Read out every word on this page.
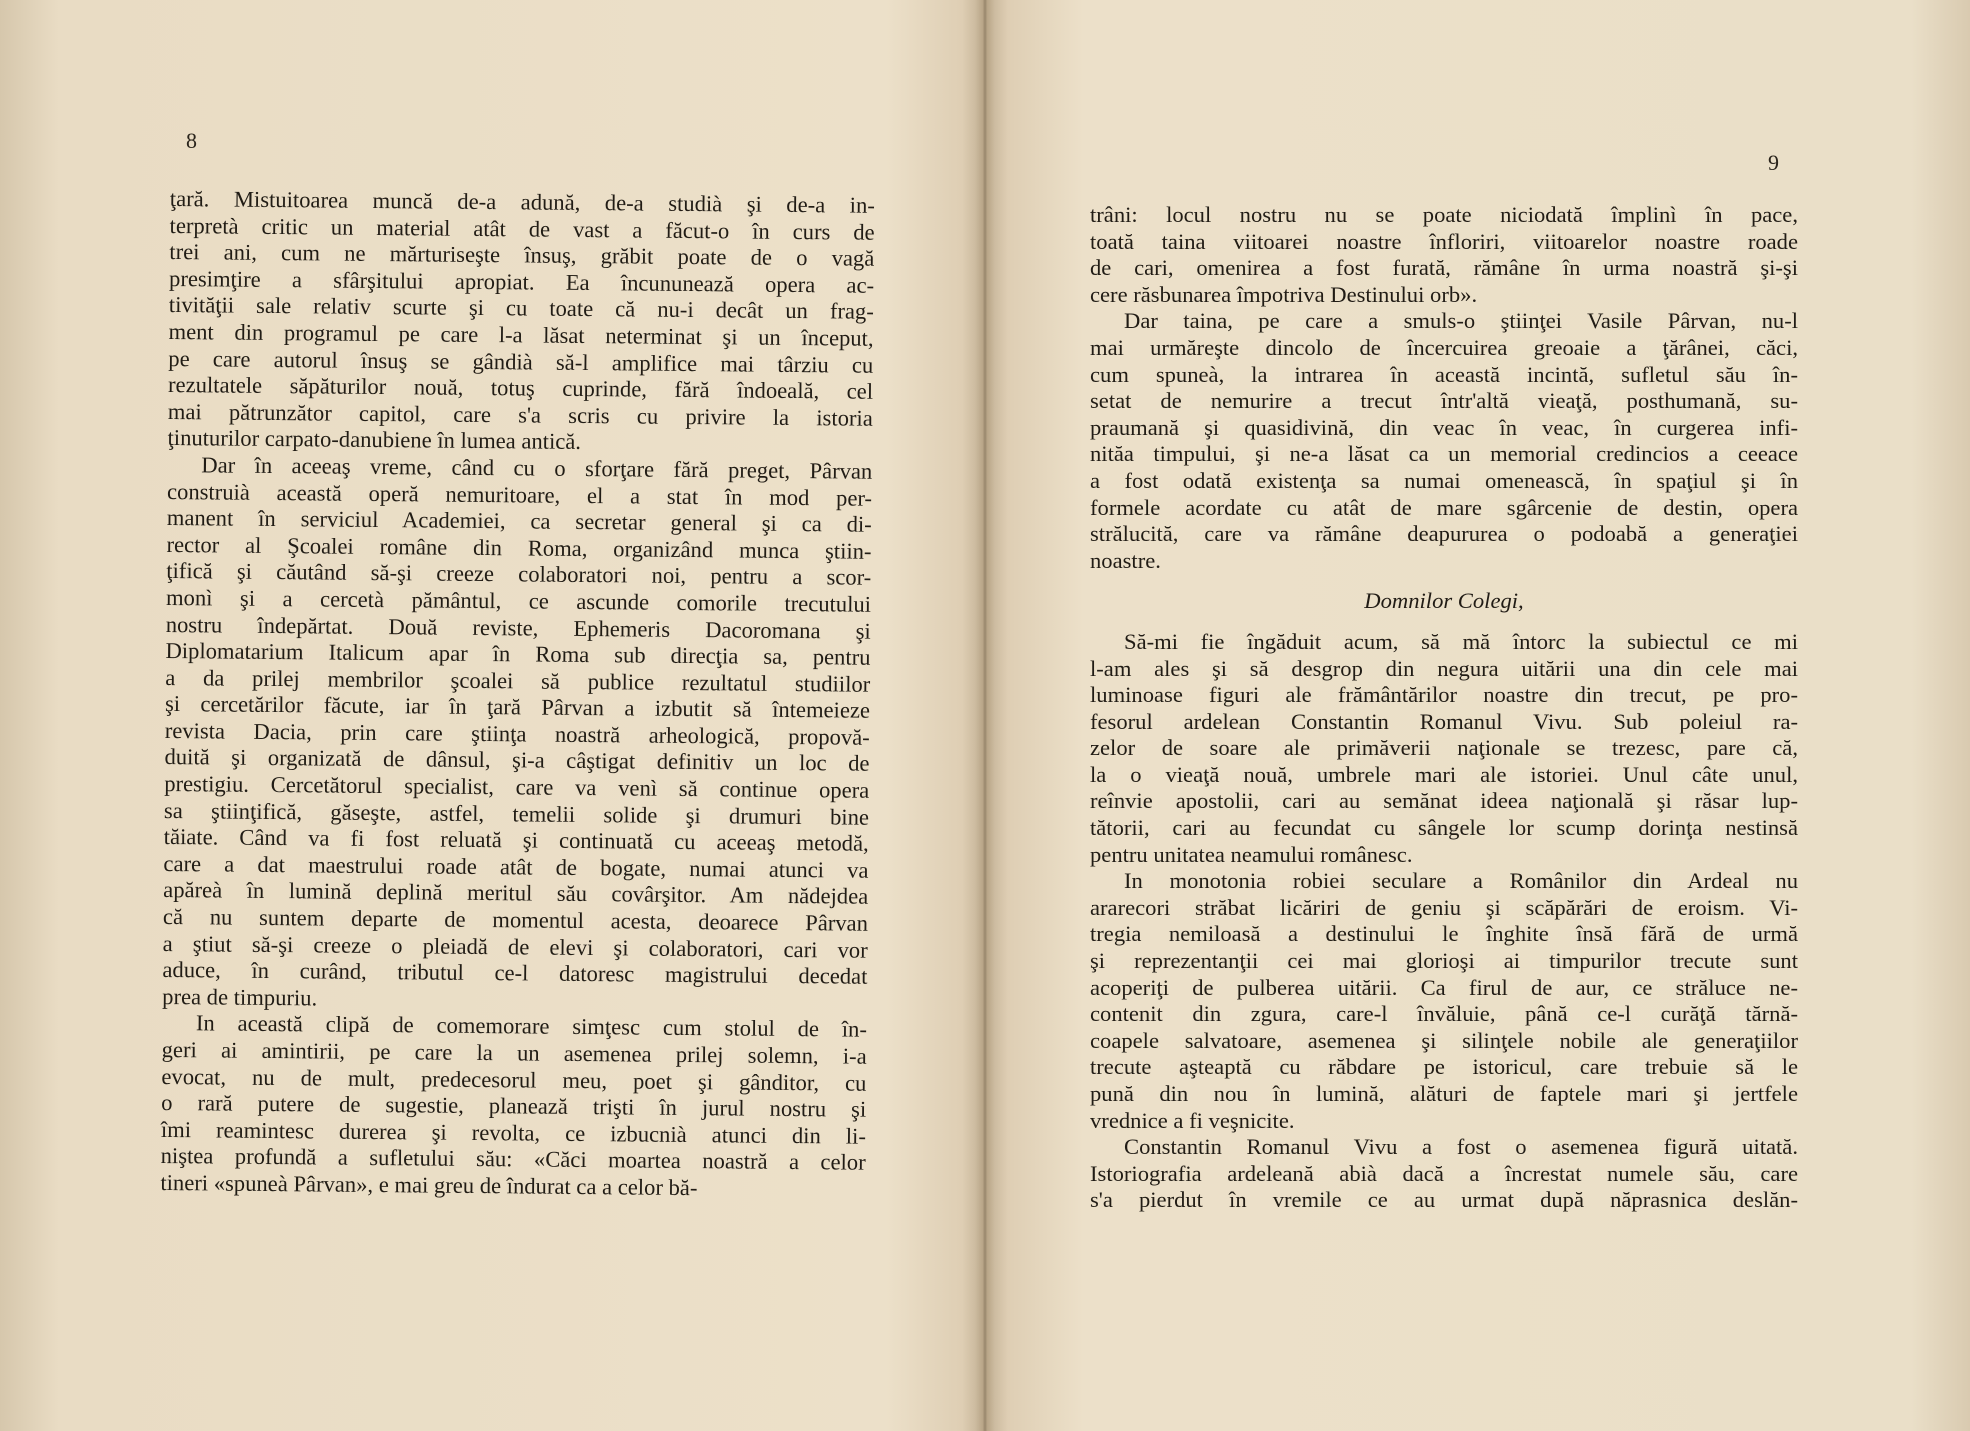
8
ţară. Mistuitoarea muncă de-a adună, de-a studià şi de-a in-
terpretà critic un material atât de vast a făcut-o în curs de
trei ani, cum ne mărturiseşte însuş, grăbit poate de o vagă
presimţire a sfârşitului apropiat. Ea încununează opera ac-
tivităţii sale relativ scurte şi cu toate că nu-i decât un frag-
ment din programul pe care l-a lăsat neterminat şi un început,
pe care autorul însuş se gândià să-l amplifice mai târziu cu
rezultatele săpăturilor nouă, totuş cuprinde, fără îndoeală, cel
mai pătrunzător capitol, care s'a scris cu privire la istoria
ţinuturilor carpato-danubiene în lumea antică.
Dar în aceeaş vreme, când cu o sforţare fără preget, Pârvan
construià această operă nemuritoare, el a stat în mod per-
manent în serviciul Academiei, ca secretar general şi ca di-
rector al Şcoalei române din Roma, organizând munca ştiin-
ţifică şi căutând să-şi creeze colaboratori noi, pentru a scor-
monì şi a cercetà pământul, ce ascunde comorile trecutului
nostru îndepărtat. Două reviste, Ephemeris Dacoromana şi
Diplomatarium Italicum apar în Roma sub direcţia sa, pentru
a da prilej membrilor şcoalei să publice rezultatul studiilor
şi cercetărilor făcute, iar în ţară Pârvan a izbutit să întemeieze
revista Dacia, prin care ştiinţa noastră arheologică, propovă-
duită şi organizată de dânsul, şi-a câştigat definitiv un loc de
prestigiu. Cercetătorul specialist, care va venì să continue opera
sa ştiinţifică, găseşte, astfel, temelii solide şi drumuri bine
tăiate. Când va fi fost reluată şi continuată cu aceeaş metodă,
care a dat maestrului roade atât de bogate, numai atunci va
apăreà în lumină deplină meritul său covârşitor. Am nădejdea
că nu suntem departe de momentul acesta, deoarece Pârvan
a ştiut să-şi creeze o pleiadă de elevi şi colaboratori, cari vor
aduce, în curând, tributul ce-l datoresc magistrului decedat
prea de timpuriu.
In această clipă de comemorare simţesc cum stolul de în-
geri ai amintirii, pe care la un asemenea prilej solemn, i-a
evocat, nu de mult, predecesorul meu, poet şi gânditor, cu
o rară putere de sugestie, planează trişti în jurul nostru şi
îmi reamintesc durerea şi revolta, ce izbucnià atunci din li-
niştea profundă a sufletului său: «Căci moartea noastră a celor
tineri «spuneà Pârvan», e mai greu de îndurat ca a celor bă-
9
trâni: locul nostru nu se poate niciodată împlinì în pace,
toată taina viitoarei noastre înfloriri, viitoarelor noastre roade
de cari, omenirea a fost furată, rămâne în urma noastră şi-şi
cere răsbunarea împotriva Destinului orb».
Dar taina, pe care a smuls-o ştiinţei Vasile Pârvan, nu-l
mai urmăreşte dincolo de încercuirea greoaie a ţărânei, căci,
cum spuneà, la intrarea în această incintă, sufletul său în-
setat de nemurire a trecut într'altă vieaţă, posthumană, su-
praumană şi quasidivină, din veac în veac, în curgerea infi-
nităa timpului, şi ne-a lăsat ca un memorial credincios a ceeace
a fost odată existenţa sa numai omenească, în spaţiul şi în
formele acordate cu atât de mare sgârcenie de destin, opera
strălucită, care va rămâne deapururea o podoabă a generaţiei
noastre.
Domnilor Colegi,
Să-mi fie îngăduit acum, să mă întorc la subiectul ce mi
l-am ales şi să desgrop din negura uitării una din cele mai
luminoase figuri ale frământărilor noastre din trecut, pe pro-
fesorul ardelean Constantin Romanul Vivu. Sub poleiul ra-
zelor de soare ale primăverii naţionale se trezesc, pare că,
la o vieaţă nouă, umbrele mari ale istoriei. Unul câte unul,
reînvie apostolii, cari au semănat ideea naţională şi răsar lup-
tătorii, cari au fecundat cu sângele lor scump dorinţa nestinsă
pentru unitatea neamului românesc.
In monotonia robiei seculare a Românilor din Ardeal nu
ararecori străbat licăriri de geniu şi scăpărări de eroism. Vi-
tregia nemiloasă a destinului le înghite însă fără de urmă
şi reprezentanţii cei mai glorioşi ai timpurilor trecute sunt
acoperiţi de pulberea uitării. Ca firul de aur, ce străluce ne-
contenit din zgura, care-l învăluie, până ce-l curăţă tărnă-
coapele salvatoare, asemenea şi silinţele nobile ale generaţiilor
trecute aşteaptă cu răbdare pe istoricul, care trebuie să le
pună din nou în lumină, alături de faptele mari şi jertfele
vrednice a fi veşnicite.
Constantin Romanul Vivu a fost o asemenea figură uitată.
Istoriografia ardeleană abià dacă a încrestat numele său, care
s'a pierdut în vremile ce au urmat după năprasnica deslăn-
